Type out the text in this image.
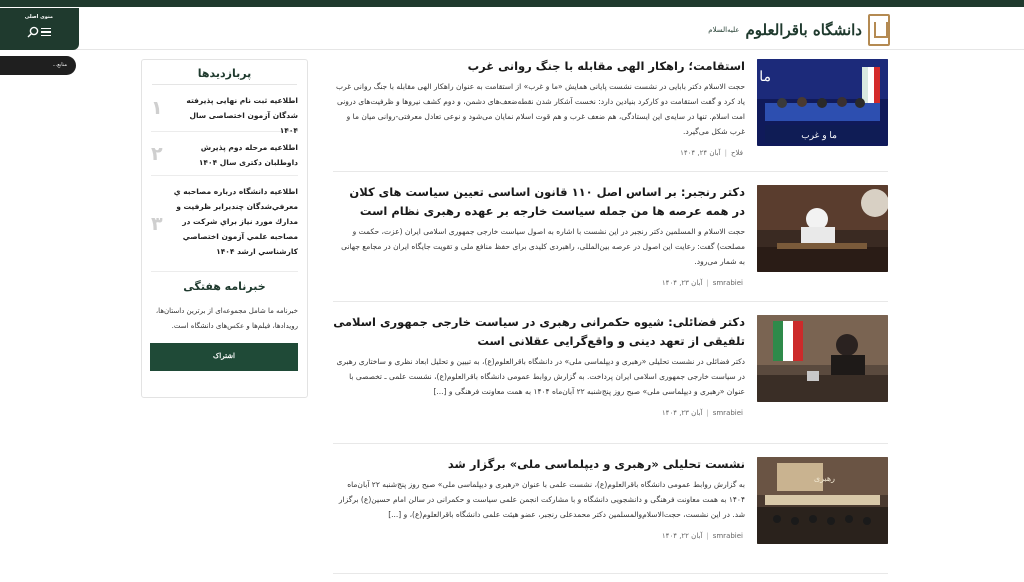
منوی اصلی
منابع...
دانشگاه باقرالعلوم
علیه‌السلام
پربازدیدها
۱	اطلاعیه ثبت نام نهایی پذیرفته شدگان آزمون اختصاصی سال ۱۴۰۴
۲	اطلاعیه مرحله دوم پذیرش داوطلبان دکتری سال ۱۴۰۴
۳
اطلاعیه دانشگاه درباره مصاحبه ي معرفي‌شدگان چندبرابر ظرفيت و مدارك مورد نياز براي شركت در مصاحبه علمي آزمون اختصاصي كارشناسي ارشد ۱۴۰۴
خبرنامه هفتگی
خبرنامه ما شامل مجموعه‌ای از برترین داستان‌ها، رویدادها، فیلم‌ها و عکس‌های دانشگاه است.
اشتراک
ما
ما و غرب
استقامت؛ راهکار الهی مقابله با جنگ روانی غرب
حجت الاسلام دکتر بابایی در نشست نشست پایانی همایش «ما و غرب» از استقامت به عنوان راهکار الهی مقابله با جنگ روانی غرب یاد کرد و گفت استقامت دو کارکرد بنیادین دارد: نخست آشکار شدن نقطه‌ضعف‌های دشمن، و دوم کشف نیروها و ظرفیت‌های درونی امت اسلام. تنها در سایه‌ی این ایستادگی، هم ضعف غرب و هم قوت اسلام نمایان می‌شود و نوعی تعادل معرفتی-روانی میان ما و غرب شکل می‌گیرد.
فلاح|آبان ۲۴, ۱۴۰۴
دکتر رنجبر: بر اساس اصل ۱۱۰ قانون اساسی تعیین سیاست های کلان در همه عرصه ها من جمله سیاست خارجه بر عهده رهبری نظام است
حجت الاسلام و المسلمین دکتر رنجبر در این نشست با اشاره به اصول سیاست خارجی جمهوری اسلامی ایران (عزت، حکمت و مصلحت) گفت: رعایت این اصول در عرصه بین‌المللی، راهبردی کلیدی برای حفظ منافع ملی و تقویت جایگاه ایران در مجامع جهانی به شمار می‌رود.
smrabiei|آبان ۲۳, ۱۴۰۴
دکتر فضائلی: شیوه حکمرانی رهبری در سیاست خارجی جمهوری اسلامی تلفیقی از تعهد دینی و واقع‌گرایی عقلانی است
دکتر فضائلی در نشست تحلیلی «رهبری و دیپلماسی ملی» در دانشگاه باقرالعلوم(ع)، به تبیین و تحلیل ابعاد نظری و ساختاری رهبری در سیاست خارجی جمهوری اسلامی ایران پرداخت. به گزارش روابط عمومی دانشگاه باقرالعلوم(ع)، نشست علمی ـ تخصصی با عنوان «رهبری و دیپلماسی ملی» صبح روز پنج‌شنبه ۲۲ آبان‌ماه ۱۴۰۴ به همت معاونت فرهنگی و [...]
smrabiei|آبان ۲۳, ۱۴۰۴
رهبری
نشست تحلیلی «رهبری و دیپلماسی ملی» برگزار شد
به گزارش روابط عمومی دانشگاه باقرالعلوم(ع)، نشست علمی با عنوان «رهبری و دیپلماسی ملی» صبح روز پنج‌شنبه ۲۲ آبان‌ماه ۱۴۰۴ به همت معاونت فرهنگی و دانشجویی دانشگاه و با مشارکت انجمن علمی سیاست و حکمرانی در سالن امام حسین(ع) برگزار شد. در این نشست، حجت‌الاسلام‌والمسلمین دکتر محمدعلی رنجبر، عضو هیئت علمی دانشگاه باقرالعلوم(ع)، و [...]
smrabiei|آبان ۲۲, ۱۴۰۴
